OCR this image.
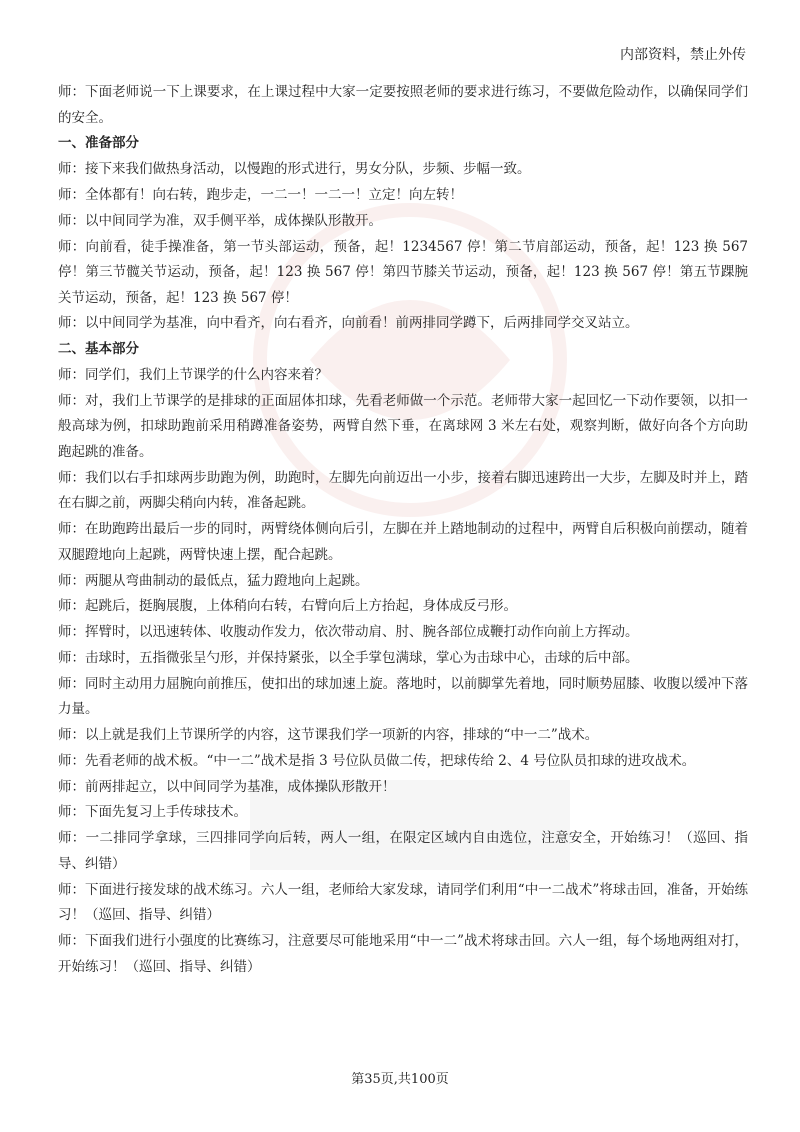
内部资料，禁止外传

师：下面老师说一下上课要求，在上课过程中大家一定要按照老师的要求进行练习，不要做危险动作，以确保同学们的安全。

一、准备部分

师：接下来我们做热身活动，以慢跑的形式进行，男女分队，步频、步幅一致。

师：全体都有！向右转，跑步走，一二一！一二一！立定！向左转！

师：以中间同学为准，双手侧平举，成体操队形散开。

师：向前看，徒手操准备，第一节头部运动，预备，起！1234567 停！第二节肩部运动，预备，起！123 换 567 停！第三节髋关节运动，预备，起！123 换 567 停！第四节膝关节运动，预备，起！123 换 567 停！第五节踝腕关节运动，预备，起！123 换 567 停！

师：以中间同学为基准，向中看齐，向右看齐，向前看！前两排同学蹲下，后两排同学交叉站立。

二、基本部分

师：同学们，我们上节课学的什么内容来着？

师：对，我们上节课学的是排球的正面屈体扣球，先看老师做一个示范。老师带大家一起回忆一下动作要领，以扣一般高球为例，扣球助跑前采用稍蹲准备姿势，两臂自然下垂，在离球网 3 米左右处，观察判断，做好向各个方向助跑起跳的准备。

师：我们以右手扣球两步助跑为例，助跑时，左脚先向前迈出一小步，接着右脚迅速跨出一大步，左脚及时并上，踏在右脚之前，两脚尖稍向内转，准备起跳。

师：在助跑跨出最后一步的同时，两臂绕体侧向后引，左脚在并上踏地制动的过程中，两臂自后积极向前摆动，随着双腿蹬地向上起跳，两臂快速上摆，配合起跳。

师：两腿从弯曲制动的最低点，猛力蹬地向上起跳。

师：起跳后，挺胸展腹，上体稍向右转，右臂向后上方抬起，身体成反弓形。

师：挥臂时，以迅速转体、收腹动作发力，依次带动肩、肘、腕各部位成鞭打动作向前上方挥动。

师：击球时，五指微张呈勺形，并保持紧张，以全手掌包满球，掌心为击球中心，击球的后中部。

师：同时主动用力屈腕向前推压，使扣出的球加速上旋。落地时，以前脚掌先着地，同时顺势屈膝、收腹以缓冲下落力量。

师：以上就是我们上节课所学的内容，这节课我们学一项新的内容，排球的“中一二”战术。

师：先看老师的战术板。“中一二”战术是指 3 号位队员做二传，把球传给 2、4 号位队员扣球的进攻战术。

师：前两排起立，以中间同学为基准，成体操队形散开！

师：下面先复习上手传球技术。

师：一二排同学拿球，三四排同学向后转，两人一组，在限定区域内自由选位，注意安全，开始练习！（巡回、指导、纠错）

师：下面进行接发球的战术练习。六人一组，老师给大家发球，请同学们利用“中一二战术”将球击回，准备，开始练习！（巡回、指导、纠错）

师：下面我们进行小强度的比赛练习，注意要尽可能地采用“中一二”战术将球击回。六人一组，每个场地两组对打，开始练习！（巡回、指导、纠错）

第35页,共100页
